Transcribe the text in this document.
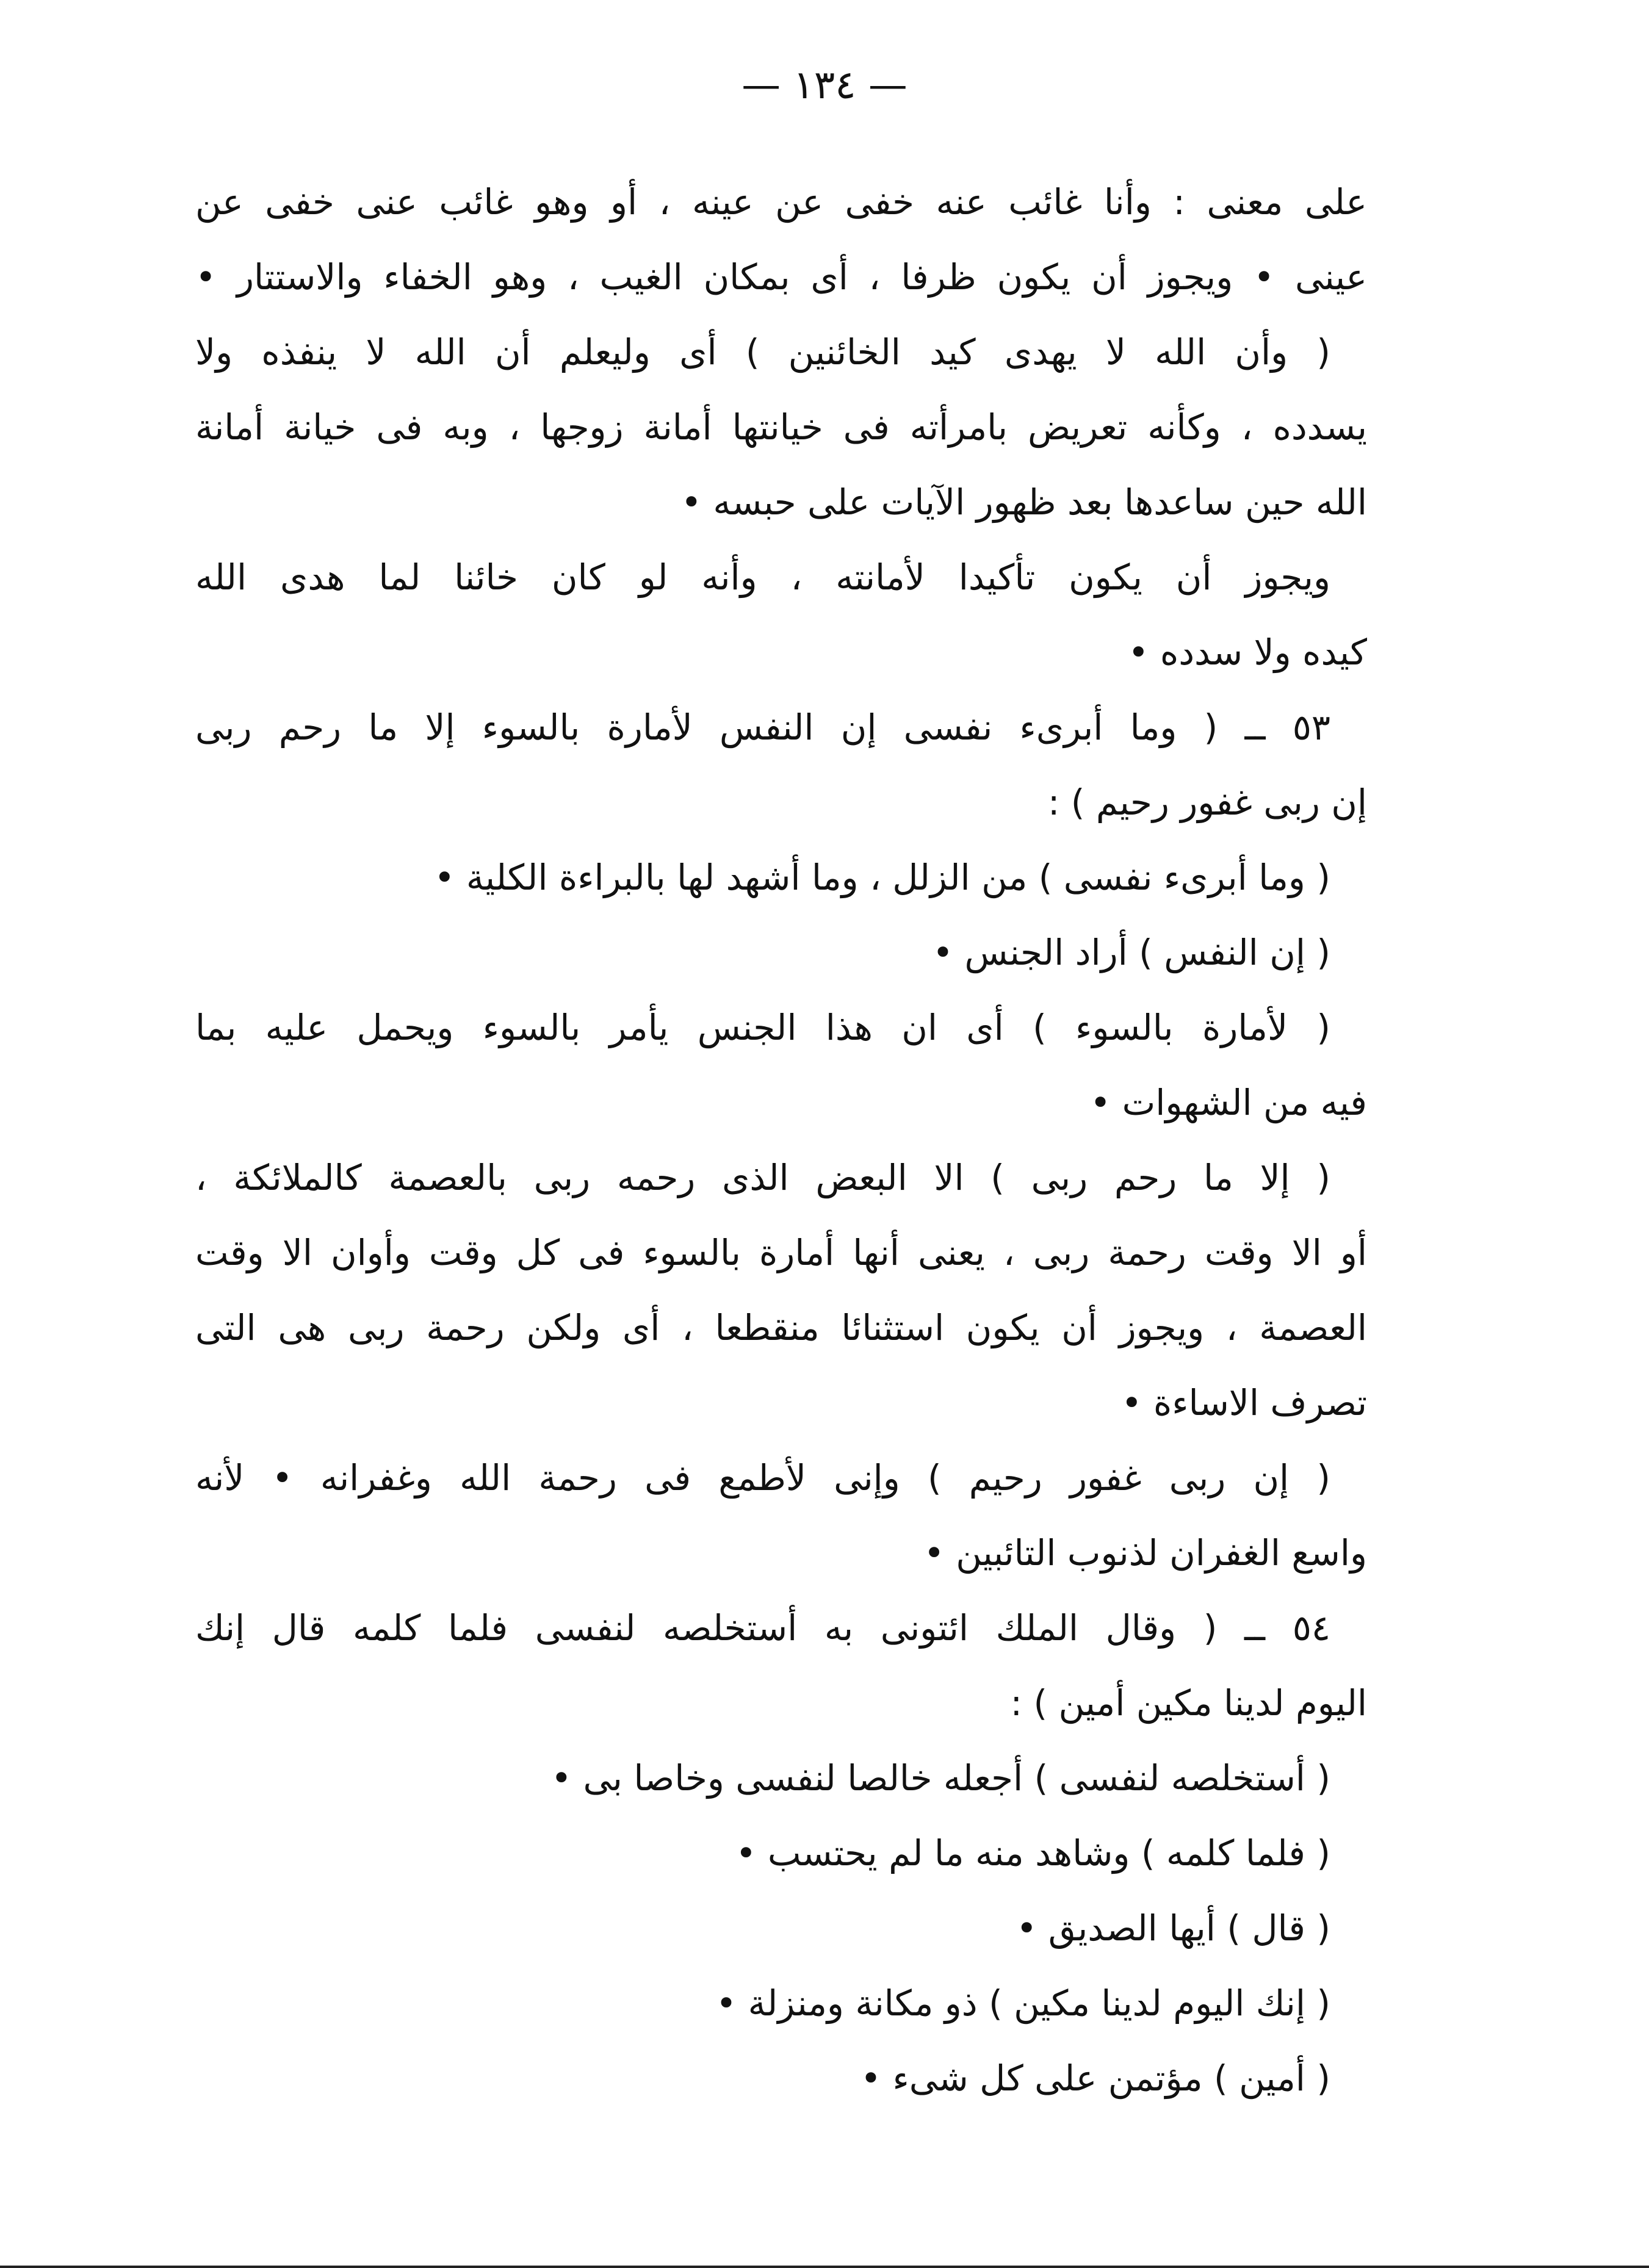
— ١٣٤ —
على معنى : وأنا غائب عنه خفى عن عينه ، أو وهو غائب عنى خفى عن
عينى • ويجوز أن يكون ظرفا ، أى بمكان الغيب ، وهو الخفاء والاستتار •
( وأن الله لا يهدى كيد الخائنين ) أى وليعلم أن الله لا ينفذه ولا
يسدده ، وكأنه تعريض بامرأته فى خيانتها أمانة زوجها ، وبه فى خيانة أمانة
الله حين ساعدها بعد ظهور الآيات على حبسه •
ويجوز أن يكون تأكيدا لأمانته ، وأنه لو كان خائنا لما هدى الله
كيده ولا سدده •
٥٣ ــ ( وما أبرىء نفسى إن النفس لأمارة بالسوء إلا ما رحم ربى
إن ربى غفور رحيم ) :
( وما أبرىء نفسى ) من الزلل ، وما أشهد لها بالبراءة الكلية •
( إن النفس ) أراد الجنس •
( لأمارة بالسوء ) أى ان هذا الجنس يأمر بالسوء ويحمل عليه بما
فيه من الشهوات •
( إلا ما رحم ربى ) الا البعض الذى رحمه ربى بالعصمة كالملائكة ،
أو الا وقت رحمة ربى ، يعنى أنها أمارة بالسوء فى كل وقت وأوان الا وقت
العصمة ، ويجوز أن يكون استثنائا منقطعا ، أى ولكن رحمة ربى هى التى
تصرف الاساءة •
( إن ربى غفور رحيم ) وإنى لأطمع فى رحمة الله وغفرانه • لأنه
واسع الغفران لذنوب التائبين •
٥٤ ــ ( وقال الملك ائتونى به أستخلصه لنفسى فلما كلمه قال إنك
اليوم لدينا مكين أمين ) :
( أستخلصه لنفسى ) أجعله خالصا لنفسى وخاصا بى •
( فلما كلمه ) وشاهد منه ما لم يحتسب •
( قال ) أيها الصديق •
( إنك اليوم لدينا مكين ) ذو مكانة ومنزلة •
( أمين ) مؤتمن على كل شىء •
